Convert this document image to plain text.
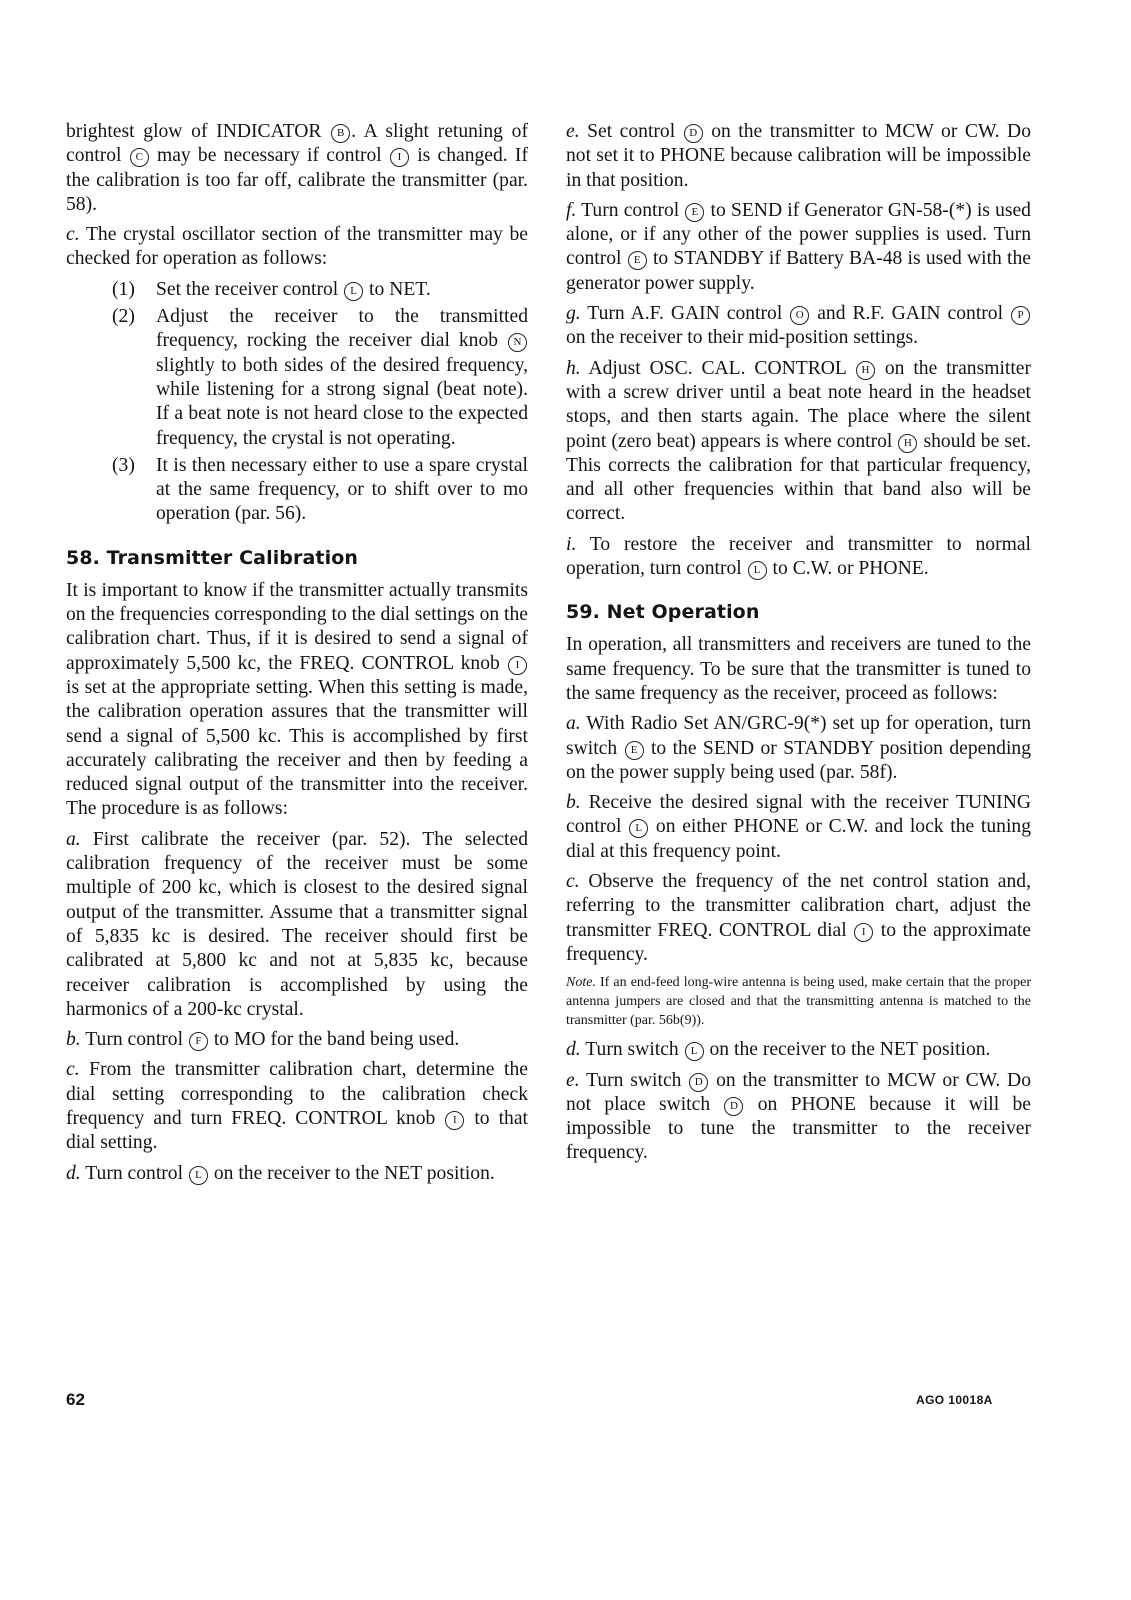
brightest glow of INDICATOR B . A slight retuning of control C may be necessary if control I is changed. If the calibration is too far off, calibrate the transmitter (par. 58).

c. The crystal oscillator section of the transmitter may be checked for operation as follows:

(1)	Set the receiver control L to NET.
(2)	Adjust the receiver to the transmitted frequency, rocking the receiver dial knob N slightly to both sides of the desired frequency, while listening for a strong signal (beat note). If a beat note is not heard close to the expected frequency, the crystal is not operating.
(3)	It is then necessary either to use a spare crystal at the same frequency, or to shift over to mo operation (par. 56).
58. Transmitter Calibration

It is important to know if the transmitter actually transmits on the frequencies corresponding to the dial settings on the calibration chart. Thus, if it is desired to send a signal of approximately 5,500 kc, the FREQ. CONTROL knob I is set at the appropriate setting. When this setting is made, the calibration operation assures that the transmitter will send a signal of 5,500 kc. This is accomplished by first accurately calibrating the receiver and then by feeding a reduced signal output of the transmitter into the receiver. The procedure is as follows:

a. First calibrate the receiver (par. 52). The selected calibration frequency of the receiver must be some multiple of 200 kc, which is closest to the desired signal output of the transmitter. Assume that a transmitter signal of 5,835 kc is desired. The receiver should first be calibrated at 5,800 kc and not at 5,835 kc, because receiver calibration is accomplished by using the harmonics of a 200-kc crystal.

b. Turn control F to MO for the band being used.

c. From the transmitter calibration chart, determine the dial setting corresponding to the calibration check frequency and turn FREQ. CONTROL knob I to that dial setting.

d. Turn control L on the receiver to the NET position.

e. Set control D on the transmitter to MCW or CW. Do not set it to PHONE because calibration will be impossible in that position.

f. Turn control E to SEND if Generator GN-58-(*) is used alone, or if any other of the power supplies is used. Turn control E to STANDBY if Battery BA-48 is used with the generator power supply.

g. Turn A.F. GAIN control O and R.F. GAIN control P on the receiver to their mid-position settings.

h. Adjust OSC. CAL. CONTROL H on the transmitter with a screw driver until a beat note heard in the headset stops, and then starts again. The place where the silent point (zero beat) appears is where control H should be set. This corrects the calibration for that particular frequency, and all other frequencies within that band also will be correct.

i. To restore the receiver and transmitter to normal operation, turn control L to C.W. or PHONE.

59. Net Operation

In operation, all transmitters and receivers are tuned to the same frequency. To be sure that the transmitter is tuned to the same frequency as the receiver, proceed as follows:

a. With Radio Set AN/GRC-9(*) set up for operation, turn switch E to the SEND or STANDBY position depending on the power supply being used (par. 58f).

b. Receive the desired signal with the receiver TUNING control L on either PHONE or C.W. and lock the tuning dial at this frequency point.

c. Observe the frequency of the net control station and, referring to the transmitter calibration chart, adjust the transmitter FREQ. CONTROL dial I to the approximate frequency.

Note. If an end-feed long-wire antenna is being used, make certain that the proper antenna jumpers are closed and that the transmitting antenna is matched to the transmitter (par. 56b(9)).

d. Turn switch L on the receiver to the NET position.

e. Turn switch D on the transmitter to MCW or CW. Do not place switch D on PHONE because it will be impossible to tune the transmitter to the receiver frequency.

62	AGO 10018A
